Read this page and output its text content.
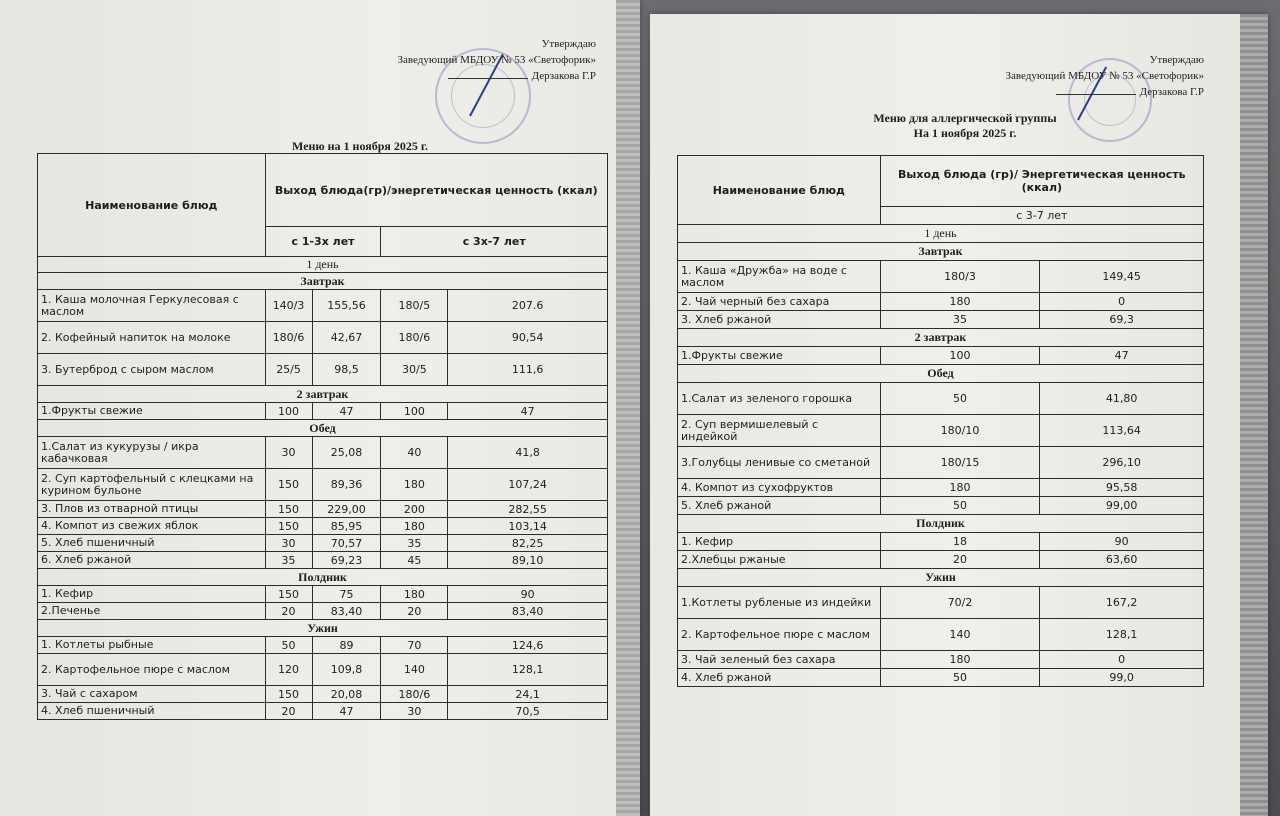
Утверждаю
Заведующий МБДОУ № 53 «Светофорик»
Дерзакова Г.Р
Меню на 1 ноября 2025 г.
Наименование блюд	Выход блюда(гр)/энергетическая ценность (ккал)			
	с 1-3х лет		с 3х-7 лет	
1 день				
Завтрак				
1. Каша молочная Геркулесовая с маслом	140/3	155,56	180/5	207.6
2. Кофейный напиток на молоке	180/6	42,67	180/6	90,54
3. Бутерброд с сыром маслом	25/5	98,5	30/5	111,6
2 завтрак				
1.Фрукты свежие	100	47	100	47
Обед				
1.Салат из кукурузы / икра кабачковая	30	25,08	40	41,8
2. Суп картофельный с клецками на курином бульоне	150	89,36	180	107,24
3. Плов из отварной птицы	150	229,00	200	282,55
4. Компот из свежих яблок	150	85,95	180	103,14
5. Хлеб пшеничный	30	70,57	35	82,25
6. Хлеб ржаной	35	69,23	45	89,10
Полдник				
1. Кефир	150	75	180	90
2.Печенье	20	83,40	20	83,40
Ужин				
1. Котлеты рыбные	50	89	70	124,6
2. Картофельное пюре с маслом	120	109,8	140	128,1
3. Чай с сахаром	150	20,08	180/6	24,1
4. Хлеб пшеничный	20	47	30	70,5
Утверждаю
Заведующий МБДОУ № 53 «Светофорик»
Дерзакова Г.Р
Меню для аллергической группы
На 1 ноября 2025 г.
Наименование блюд	Выход блюда (гр)/ Энергетическая ценность (ккал)	
	с 3-7 лет	
1 день		
Завтрак		
1. Каша «Дружба» на воде с маслом	180/3	149,45
2. Чай черный без сахара	180	0
3. Хлеб ржаной	35	69,3
2 завтрак		
1.Фрукты свежие	100	47
Обед		
1.Салат из зеленого горошка	50	41,80
2. Суп вермишелевый с индейкой	180/10	113,64
3.Голубцы ленивые со сметаной	180/15	296,10
4. Компот из сухофруктов	180	95,58
5. Хлеб ржаной	50	99,00
Полдник		
1. Кефир	18	90
2.Хлебцы ржаные	20	63,60
Ужин		
1.Котлеты рубленые из индейки	70/2	167,2
2. Картофельное пюре с маслом	140	128,1
3. Чай зеленый без сахара	180	0
4. Хлеб ржаной	50	99,0
